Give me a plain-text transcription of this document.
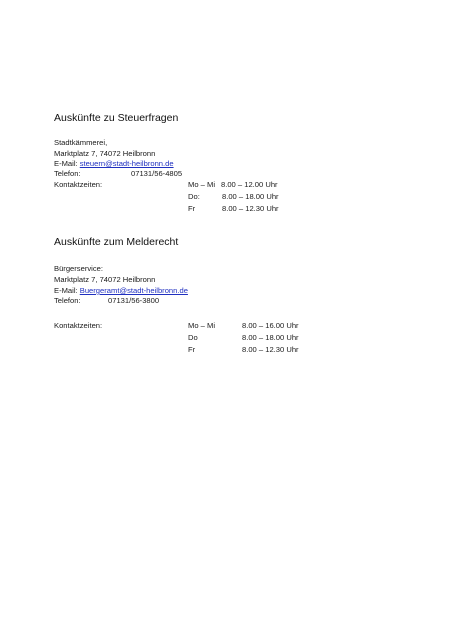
Auskünfte zu Steuerfragen
Stadtkämmerei,
Marktplatz 7, 74072 Heilbronn
E-Mail: steuern@stadt-heilbronn.de
Telefon:	07131/56-4805
Kontaktzeiten:	Mo – Mi 8.00 – 12.00 Uhr
Do:	8.00 – 18.00 Uhr
Fr	8.00 – 12.30 Uhr
Auskünfte zum Melderecht
Bürgerservice:
Marktplatz 7, 74072 Heilbronn
E-Mail: Buergeramt@stadt-heilbronn.de
Telefon:	07131/56-3800
Kontaktzeiten:	Mo – Mi	8.00 – 16.00 Uhr
Do	8.00 – 18.00 Uhr
Fr	8.00 – 12.30 Uhr
